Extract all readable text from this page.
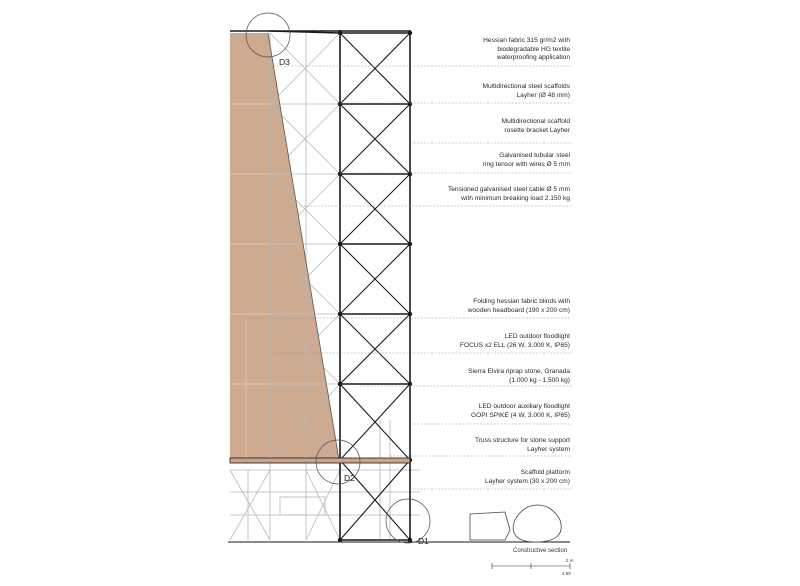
Hessian fabric 315 gr/m2 with
biodegradable HG textile
waterproofing application
Multidirectional steel scaffolds
Layher (Ø 48 mm)
Multidirectional scaffold
rosette bracket Layher
Galvanised tubular steel
ring tensor with wires Ø 5 mm
Tensioned galvanised steel cable Ø 5 mm
with minimum breaking load 2.150 kg
Folding hessian fabric blinds with
wooden headboard (190 x 200 cm)
LED outdoor floodlight
FOCUS x2 ELL (26 W, 3.000 K, IP65)
Sierra Elvira riprap stone, Granada
(1.000 kg - 1.500 kg)
LED outdoor auxiliary floodlight
GOPI SPIKE (4 W, 3.000 K, IP65)
Truss structure for stone support
Layher system
Scaffold platform
Layher system (30 x 200 cm)
D3
D2
D1
Constructive section
2 m
1:50
